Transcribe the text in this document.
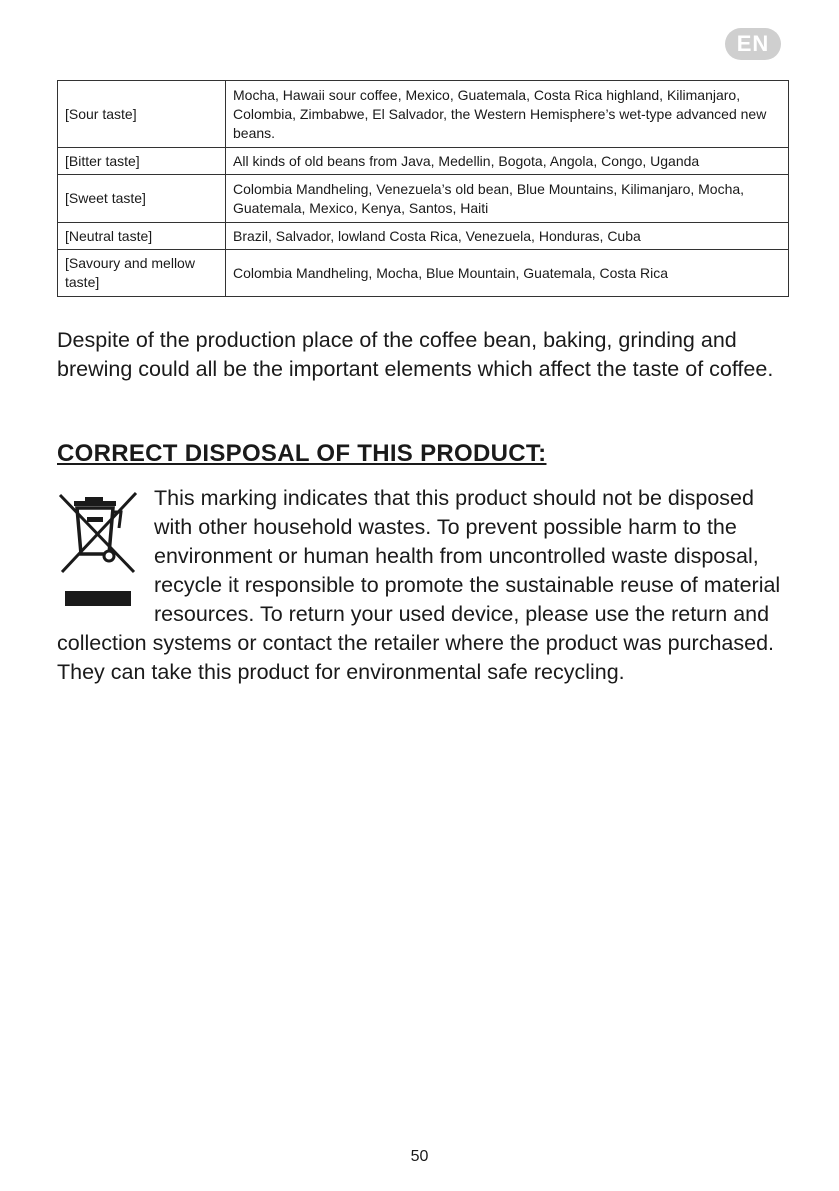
EN
[Sour taste]	Mocha, Hawaii sour coffee, Mexico, Guatemala, Costa Rica highland, Kilimanjaro, Colombia, Zimbabwe, El Salvador, the Western Hemisphere’s wet-type advanced new beans.
[Bitter taste]	All kinds of old beans from Java, Medellin, Bogota, Angola, Congo, Uganda
[Sweet taste]	Colombia Mandheling, Venezuela’s old bean, Blue Mountains, Kilimanjaro, Mocha, Guatemala, Mexico, Kenya, Santos, Haiti
[Neutral taste]	Brazil, Salvador, lowland Costa Rica, Venezuela, Honduras, Cuba
[Savoury and mellow taste]	Colombia Mandheling, Mocha, Blue Mountain, Guatemala, Costa Rica

Despite of the production place of the coffee bean, baking, grinding and brewing could all be the important elements which affect the taste of coffee.

CORRECT DISPOSAL OF THIS PRODUCT:

This marking indicates that this product should not be disposed with other household wastes. To prevent possible harm to the environment or human health from uncontrolled waste disposal, recycle it responsible to promote the sustainable reuse of material resources. To return your used device, please use the return and collection systems or contact the retailer where the product was purchased. They can take this product for environmental safe recycling.

50
